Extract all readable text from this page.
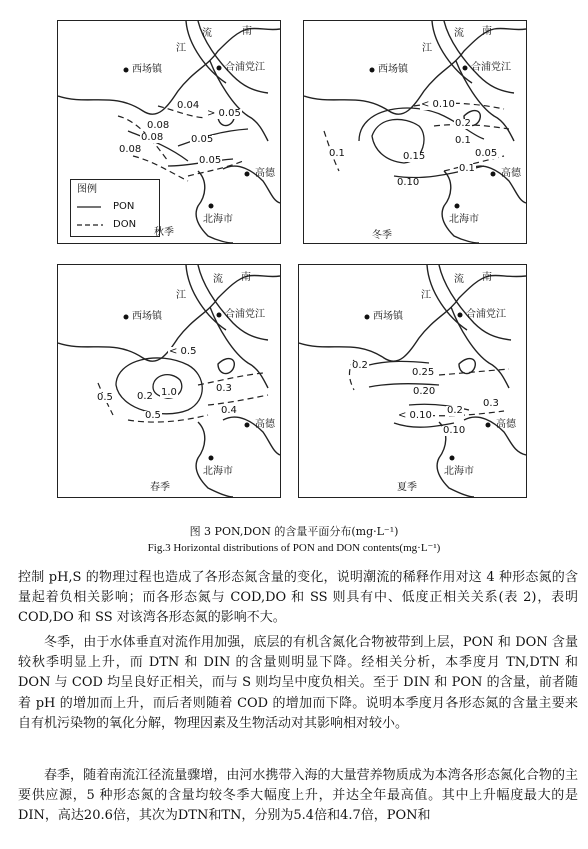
西场镇	合浦党江
流	南
江
高德
北海市
0.04
> 0.05
0.08
0.08	0.05
0.08
0.05
图例
PON
DON
秋季
西场镇	合浦党江
流 南
江
高德
北海市
< 0.10
0.2
0.1
0.05
0.15
0.1
0.10
0.1
冬季
西场镇	合浦党江
流 南
江
高德
北海市
< 0.5
0.5 0.2 1.0	0.3
0.5	0.4
春季
西场镇	合浦党江
流 南
江
高德
北海市
0.25
0.2
0.20
0.2
< 0.10
0.3
0.10
夏季
图 3 PON,DON 的含量平面分布(mg·L⁻¹)
Fig.3 Horizontal distributions of PON and DON contents(mg·L⁻¹)
控制 pH,S 的物理过程也造成了各形态氮含量的变化，说明潮流的稀释作用对这 4 种形态氮的含量起着负相关影响；而各形态氮与 COD,DO 和 SS 则具有中、低度正相关关系(表 2)，表明 COD,DO 和 SS 对该湾各形态氮的影响不大。
冬季，由于水体垂直对流作用加强，底层的有机含氮化合物被带到上层，PON 和 DON 含量较秋季明显上升，而 DTN 和 DIN 的含量则明显下降。经相关分析，本季度月 TN,DTN 和 DON 与 COD 均呈良好正相关，而与 S 则均呈中度负相关。至于 DIN 和 PON 的含量，前者随着 pH 的增加而上升，而后者则随着 COD 的增加而下降。说明本季度月各形态氮的含量主要来自有机污染物的氧化分解，物理因素及生物活动对其影响相对较小。
春季，随着南流江径流量骤增，由河水携带入海的大量营养物质成为本湾各形态氮化合物的主要供应源，5 种形态氮的含量均较冬季大幅度上升，并达全年最高值。其中上升幅度最大的是DIN，高达20.6倍，其次为DTN和TN，分别为5.4倍和4.7倍，PON和
